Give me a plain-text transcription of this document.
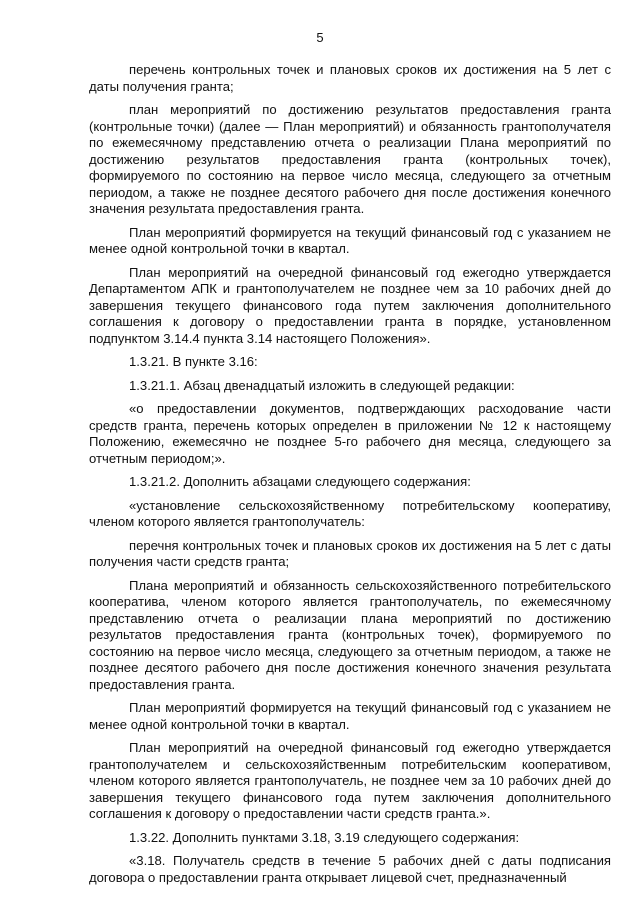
5

перечень контрольных точек и плановых сроков их достижения на 5 лет с даты получения гранта;

план мероприятий по достижению результатов предоставления гранта (контрольные точки) (далее — План мероприятий) и обязанность грантополучателя по ежемесячному представлению отчета о реализации Плана мероприятий по достижению результатов предоставления гранта (контрольных точек), формируемого по состоянию на первое число месяца, следующего за отчетным периодом, а также не позднее десятого рабочего дня после достижения конечного значения результата предоставления гранта.

План мероприятий формируется на текущий финансовый год с указанием не менее одной контрольной точки в квартал.

План мероприятий на очередной финансовый год ежегодно утверждается Департаментом АПК и грантополучателем не позднее чем за 10 рабочих дней до завершения текущего финансового года путем заключения дополнительного соглашения к договору о предоставлении гранта в порядке, установленном подпунктом 3.14.4 пункта 3.14 настоящего Положения».

1.3.21. В пункте 3.16:

1.3.21.1. Абзац двенадцатый изложить в следующей редакции:

«о предоставлении документов, подтверждающих расходование части средств гранта, перечень которых определен в приложении № 12 к настоящему Положению, ежемесячно не позднее 5-го рабочего дня месяца, следующего за отчетным периодом;».

1.3.21.2. Дополнить абзацами следующего содержания:

«установление сельскохозяйственному потребительскому кооперативу, членом которого является грантополучатель:

перечня контрольных точек и плановых сроков их достижения на 5 лет с даты получения части средств гранта;

Плана мероприятий и обязанность сельскохозяйственного потребительского кооператива, членом которого является грантополучатель, по ежемесячному представлению отчета о реализации плана мероприятий по достижению результатов предоставления гранта (контрольных точек), формируемого по состоянию на первое число месяца, следующего за отчетным периодом, а также не позднее десятого рабочего дня после достижения конечного значения результата предоставления гранта.

План мероприятий формируется на текущий финансовый год с указанием не менее одной контрольной точки в квартал.

План мероприятий на очередной финансовый год ежегодно утверждается грантополучателем и сельскохозяйственным потребительским кооперативом, членом которого является грантополучатель, не позднее чем за 10 рабочих дней до завершения текущего финансового года путем заключения дополнительного соглашения к договору о предоставлении части средств гранта.».

1.3.22. Дополнить пунктами 3.18, 3.19 следующего содержания:

«3.18. Получатель средств в течение 5 рабочих дней с даты подписания договора о предоставлении гранта открывает лицевой счет, предназначенный
